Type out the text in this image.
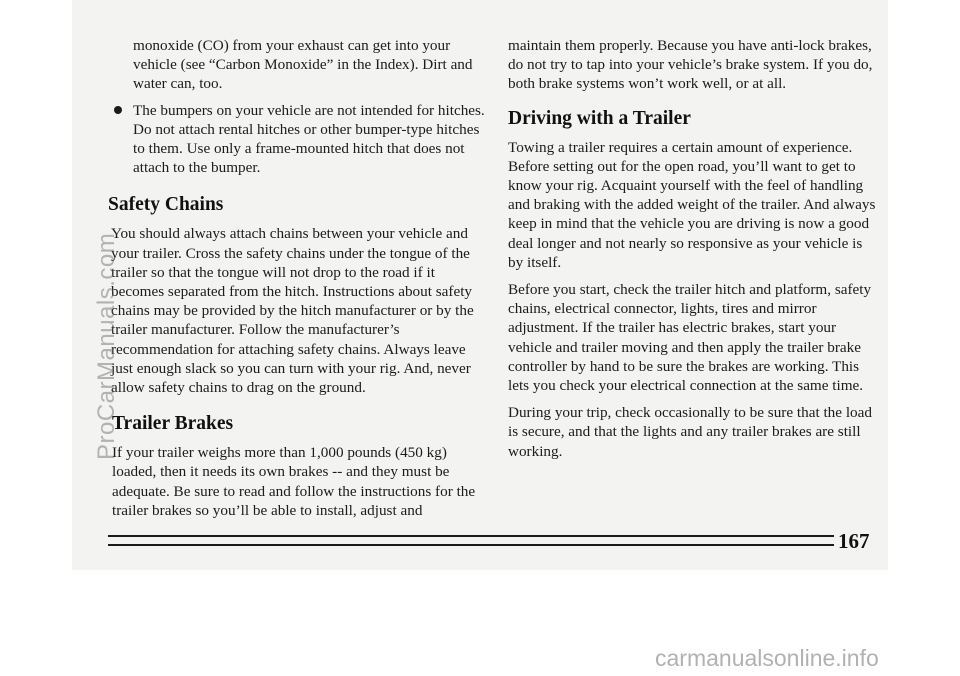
monoxide (CO) from your exhaust can get into your vehicle (see “Carbon Monoxide” in the Index). Dirt and water can, too.

The bumpers on your vehicle are not intended for hitches. Do not attach rental hitches or other bumper-type hitches to them. Use only a frame-mounted hitch that does not attach to the bumper.

Safety Chains

You should always attach chains between your vehicle and your trailer. Cross the safety chains under the tongue of the trailer so that the tongue will not drop to the road if it becomes separated from the hitch. Instructions about safety chains may be provided by the hitch manufacturer or by the trailer manufacturer. Follow the manufacturer’s recommendation for attaching safety chains. Always leave just enough slack so you can turn with your rig. And, never allow safety chains to drag on the ground.

Trailer Brakes

If your trailer weighs more than 1,000 pounds (450 kg) loaded, then it needs its own brakes -- and they must be adequate. Be sure to read and follow the instructions for the trailer brakes so you’ll be able to install, adjust and

maintain them properly. Because you have anti-lock brakes, do not try to tap into your vehicle’s brake system. If you do, both brake systems won’t work well, or at all.

Driving with a Trailer

Towing a trailer requires a certain amount of experience. Before setting out for the open road, you’ll want to get to know your rig. Acquaint yourself with the feel of handling and braking with the added weight of the trailer. And always keep in mind that the vehicle you are driving is now a good deal longer and not nearly so responsive as your vehicle is by itself.

Before you start, check the trailer hitch and platform, safety chains, electrical connector, lights, tires and mirror adjustment. If the trailer has electric brakes, start your vehicle and trailer moving and then apply the trailer brake controller by hand to be sure the brakes are working. This lets you check your electrical connection at the same time.

During your trip, check occasionally to be sure that the load is secure, and that the lights and any trailer brakes are still working.

167
ProCarManuals.com
carmanualsonline.info
